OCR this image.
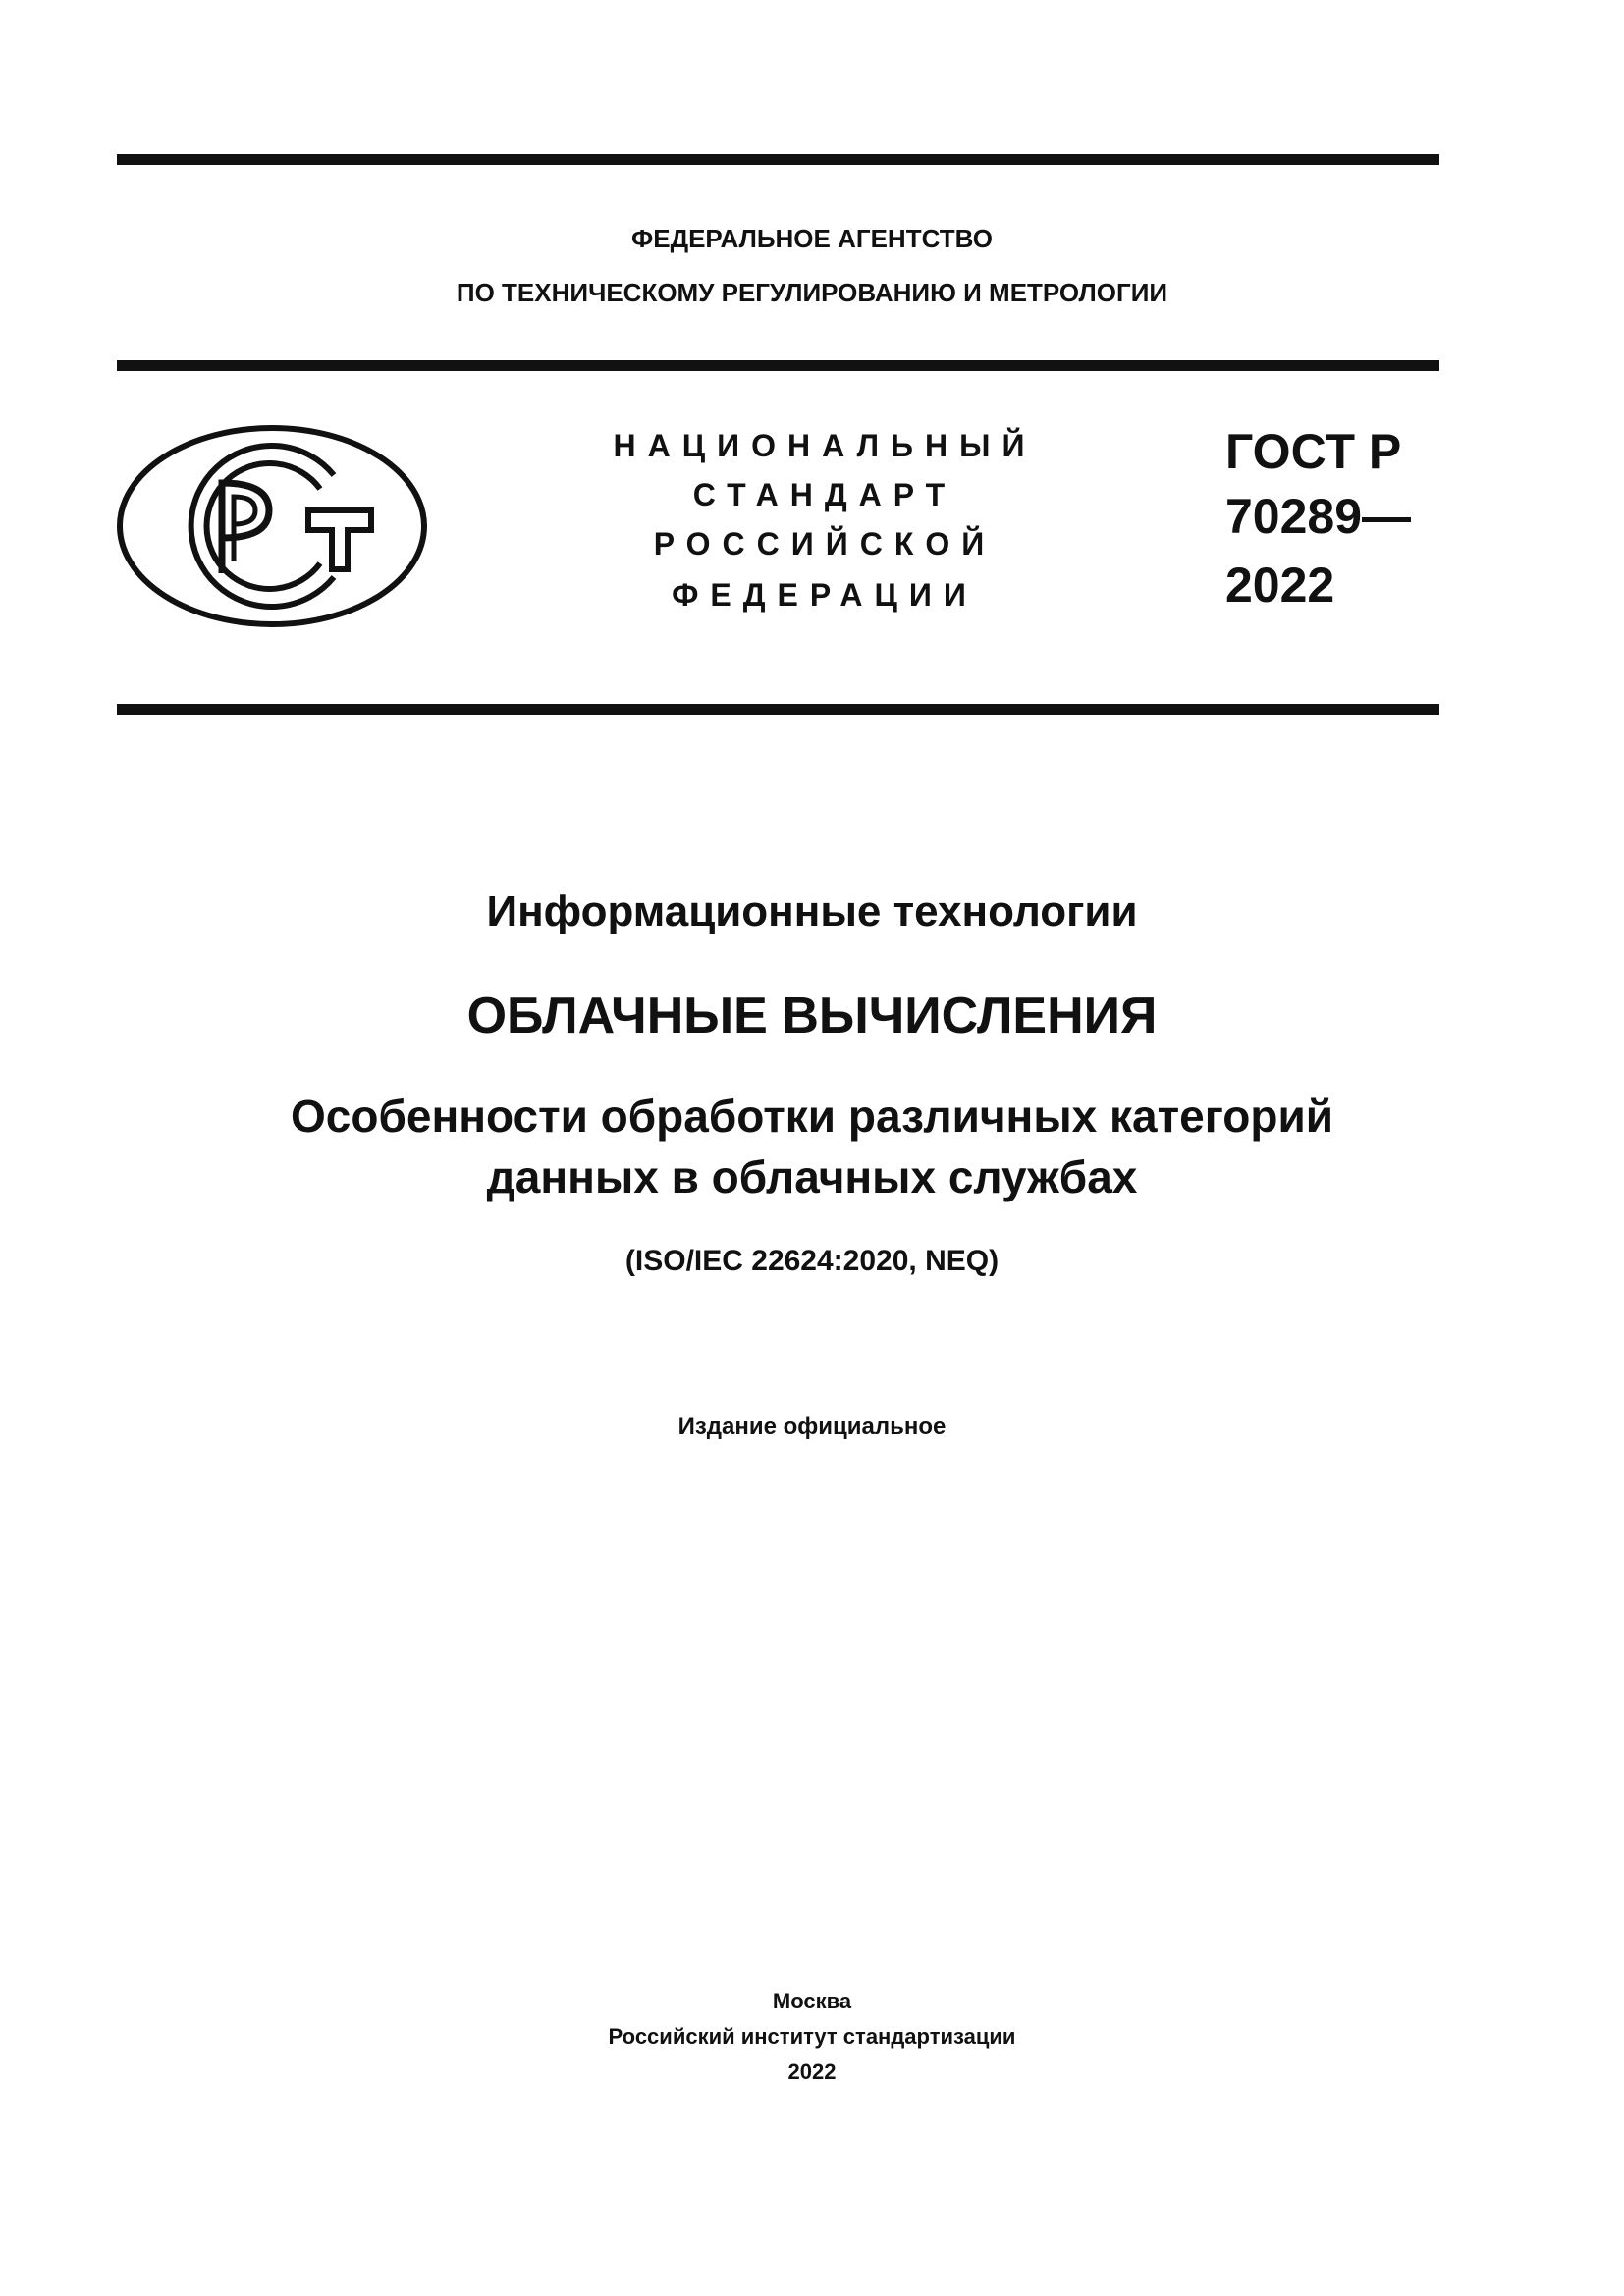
ФЕДЕРАЛЬНОЕ АГЕНТСТВО
ПО ТЕХНИЧЕСКОМУ РЕГУЛИРОВАНИЮ И МЕТРОЛОГИИ
НАЦИОНАЛЬНЫЙ
СТАНДАРТ
РОССИЙСКОЙ
ФЕДЕРАЦИИ
ГОСТ Р
70289—
2022
Информационные технологии
ОБЛАЧНЫЕ ВЫЧИСЛЕНИЯ
Особенности обработки различных категорий
данных в облачных службах
(ISO/IEC 22624:2020, NEQ)
Издание официальное
Москва
Российский институт стандартизации
2022
